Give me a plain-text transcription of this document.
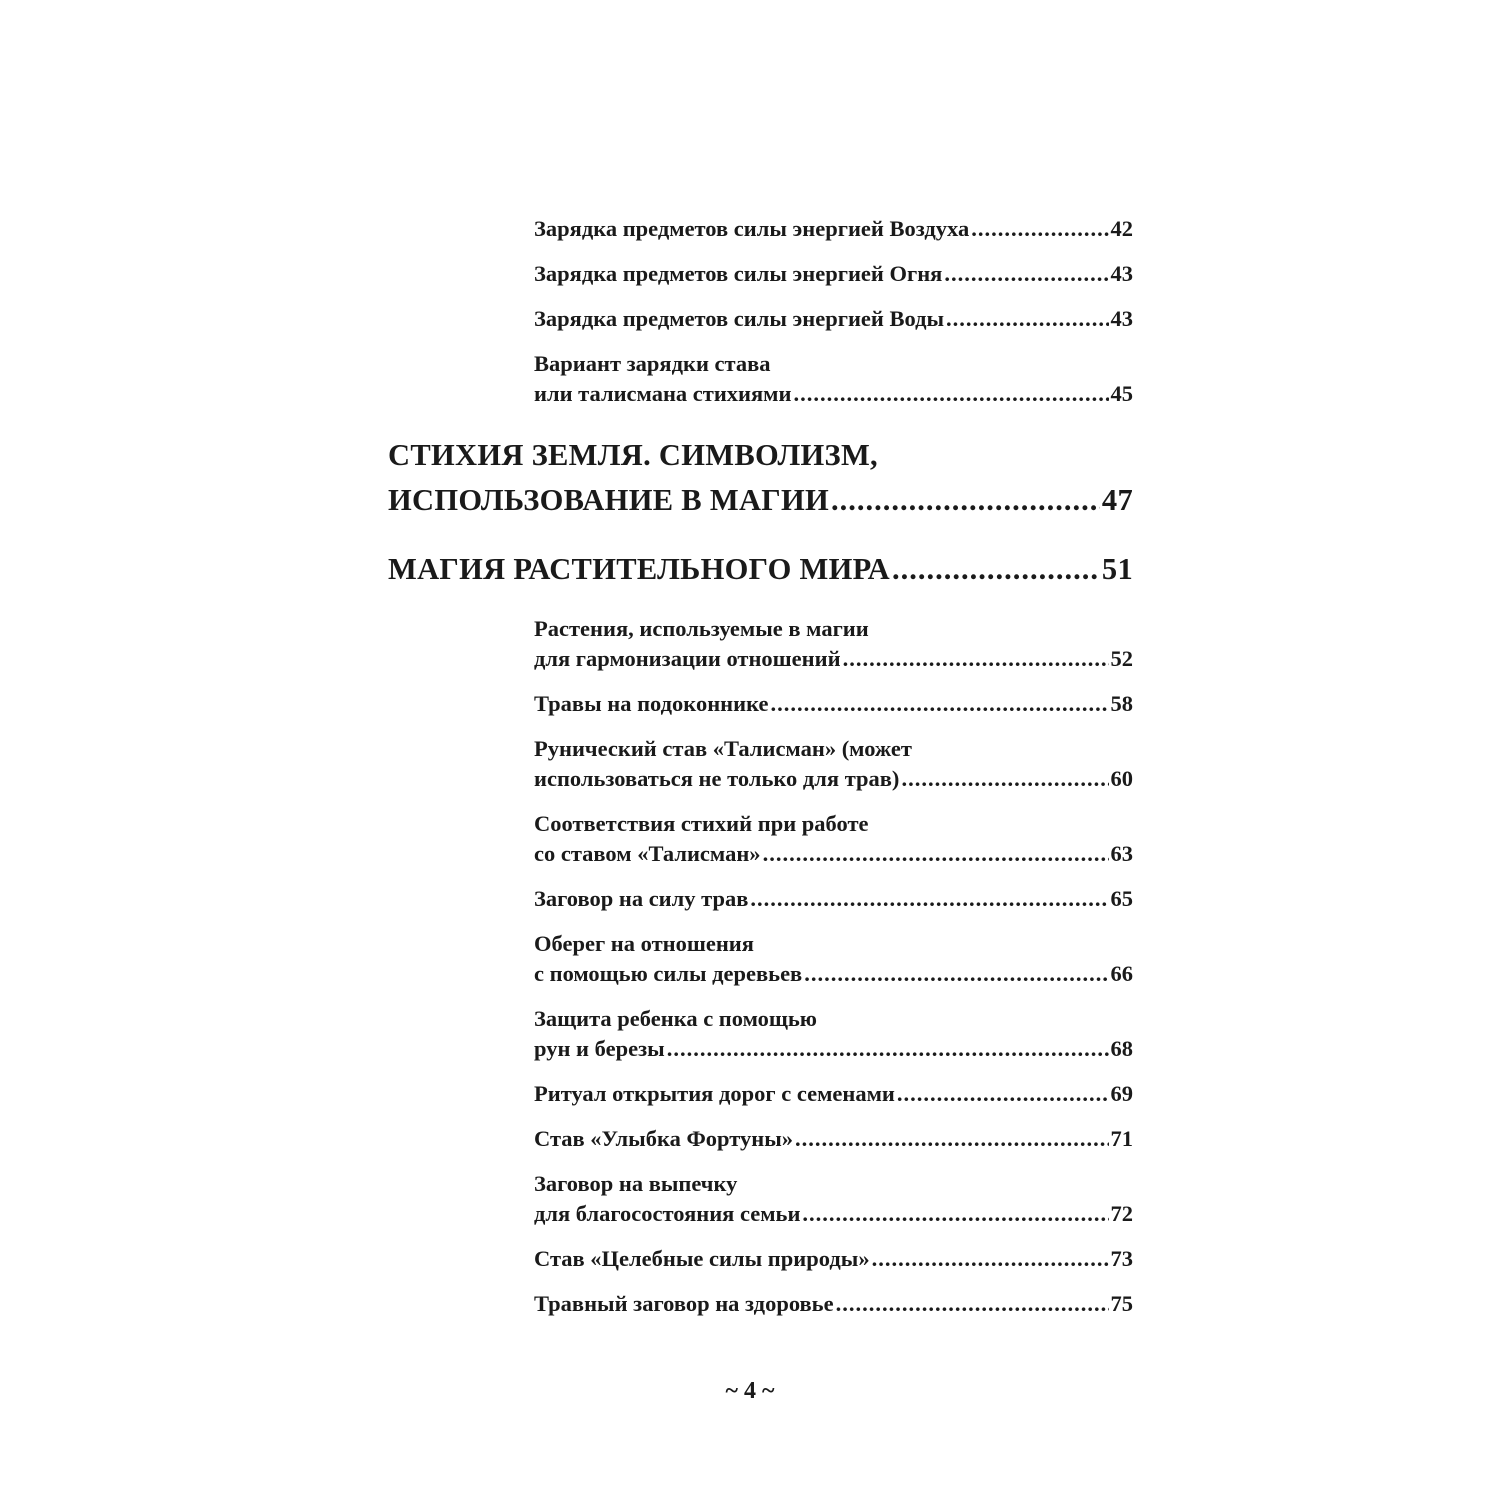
Зарядка предметов силы энергией Воздуха .....	42
Зарядка предметов силы энергией Огня .....	43
Зарядка предметов силы энергией Воды .....	43
Вариант зарядки става
или талисмана стихиями .....	45
СТИХИЯ ЗЕМЛЯ. СИМВОЛИЗМ,
ИСПОЛЬЗОВАНИЕ В МАГИИ .....	47
МАГИЯ РАСТИТЕЛЬНОГО МИРА .....	51
Растения, используемые в магии
для гармонизации отношений .....	52
Травы на подоконнике .....	58
Рунический став «Талисман» (может
использоваться не только для трав) .....	60
Соответствия стихий при работе
со ставом «Талисман» .....	63
Заговор на силу трав .....	65
Оберег на отношения
с помощью силы деревьев .....	66
Защита ребенка с помощью
рун и березы .....	68
Ритуал открытия дорог с семенами .....	69
Став «Улыбка Фортуны» .....	71
Заговор на выпечку
для благосостояния семьи .....	72
Став «Целебные силы природы» .....	73
Травный заговор на здоровье .....	75
~ 4 ~
